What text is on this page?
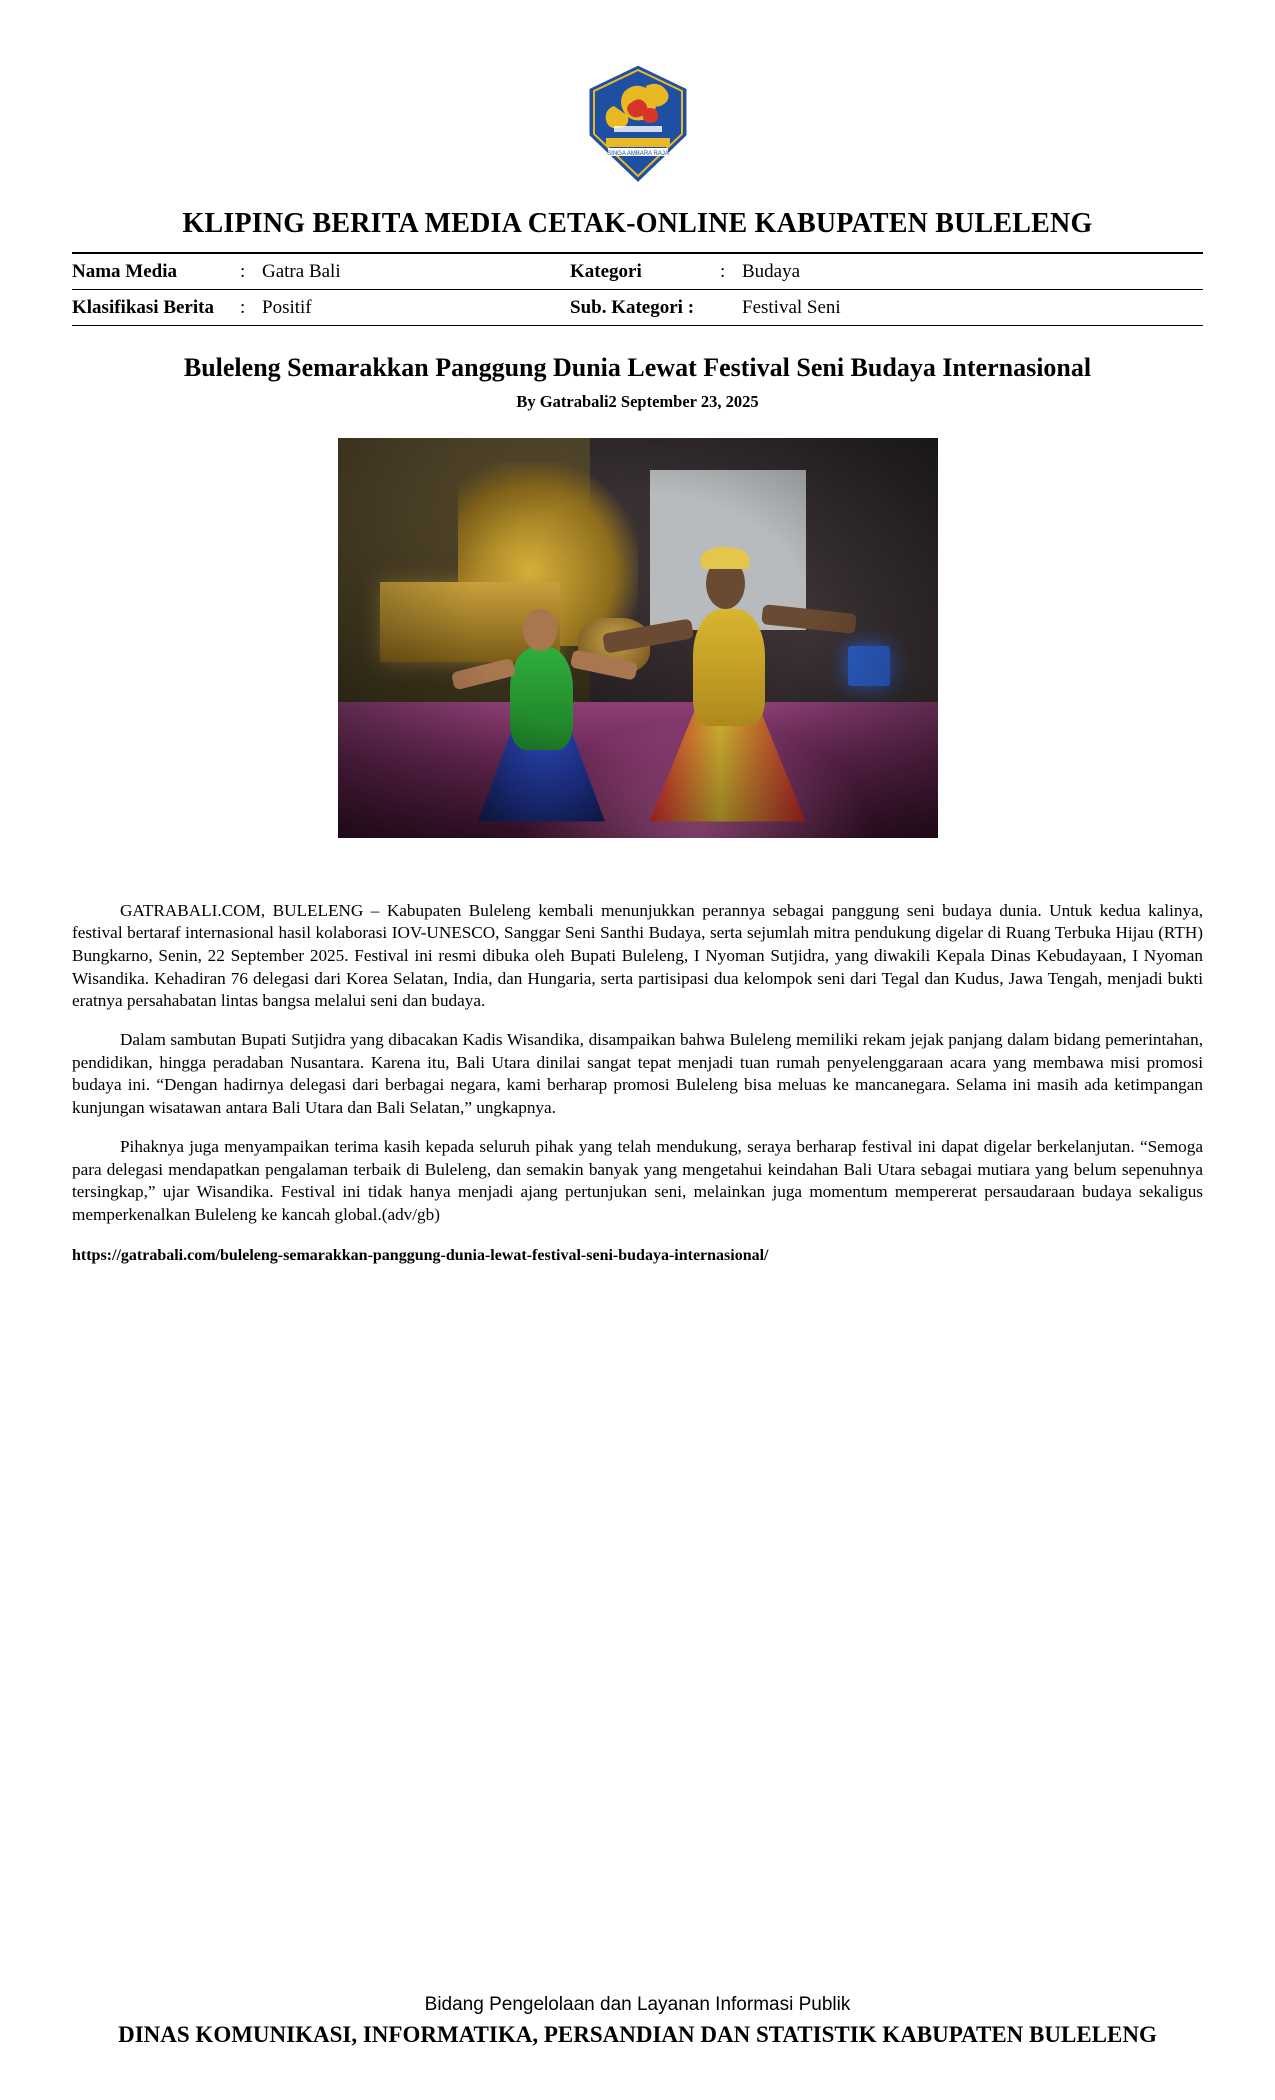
SINGA AMBARA RAJA
KLIPING BERITA MEDIA CETAK-ONLINE KABUPATEN BULELENG
Nama Media	:	Gatra Bali	Kategori	:	Budaya

Klasifikasi Berita	:	Positif	Sub. Kategori :		Festival Seni
Buleleng Semarakkan Panggung Dunia Lewat Festival Seni Budaya Internasional
By Gatrabali2 September 23, 2025

GATRABALI.COM, BULELENG – Kabupaten Buleleng kembali menunjukkan perannya sebagai panggung seni budaya dunia. Untuk kedua kalinya, festival bertaraf internasional hasil kolaborasi IOV-UNESCO, Sanggar Seni Santhi Budaya, serta sejumlah mitra pendukung digelar di Ruang Terbuka Hijau (RTH) Bungkarno, Senin, 22 September 2025. Festival ini resmi dibuka oleh Bupati Buleleng, I Nyoman Sutjidra, yang diwakili Kepala Dinas Kebudayaan, I Nyoman Wisandika. Kehadiran 76 delegasi dari Korea Selatan, India, dan Hungaria, serta partisipasi dua kelompok seni dari Tegal dan Kudus, Jawa Tengah, menjadi bukti eratnya persahabatan lintas bangsa melalui seni dan budaya.

Dalam sambutan Bupati Sutjidra yang dibacakan Kadis Wisandika, disampaikan bahwa Buleleng memiliki rekam jejak panjang dalam bidang pemerintahan, pendidikan, hingga peradaban Nusantara. Karena itu, Bali Utara dinilai sangat tepat menjadi tuan rumah penyelenggaraan acara yang membawa misi promosi budaya ini. “Dengan hadirnya delegasi dari berbagai negara, kami berharap promosi Buleleng bisa meluas ke mancanegara. Selama ini masih ada ketimpangan kunjungan wisatawan antara Bali Utara dan Bali Selatan,” ungkapnya.

Pihaknya juga menyampaikan terima kasih kepada seluruh pihak yang telah mendukung, seraya berharap festival ini dapat digelar berkelanjutan. “Semoga para delegasi mendapatkan pengalaman terbaik di Buleleng, dan semakin banyak yang mengetahui keindahan Bali Utara sebagai mutiara yang belum sepenuhnya tersingkap,” ujar Wisandika. Festival ini tidak hanya menjadi ajang pertunjukan seni, melainkan juga momentum mempererat persaudaraan budaya sekaligus memperkenalkan Buleleng ke kancah global.(adv/gb)

https://gatrabali.com/buleleng-semarakkan-panggung-dunia-lewat-festival-seni-budaya-internasional/
Bidang Pengelolaan dan Layanan Informasi Publik
DINAS KOMUNIKASI, INFORMATIKA, PERSANDIAN DAN STATISTIK KABUPATEN BULELENG
